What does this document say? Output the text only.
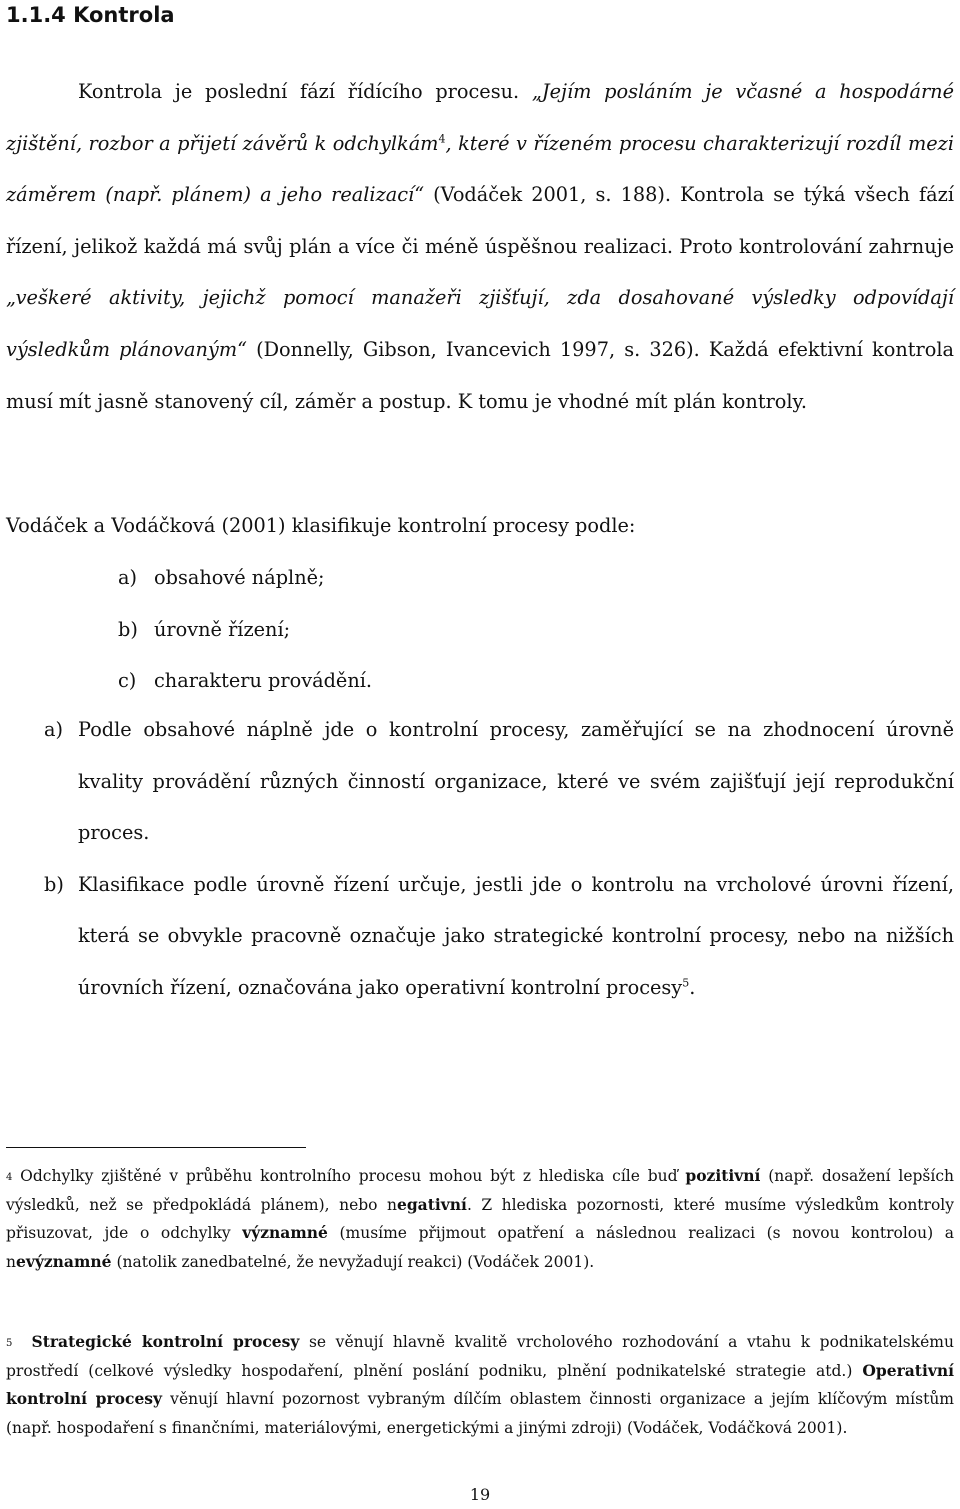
1.1.4 Kontrola

Kontrola je poslední fází řídícího procesu. „Jejím posláním je včasné a hospodárné zjištění, rozbor a přijetí závěrů k odchylkám$^4$, které v řízeném procesu charakterizují rozdíl mezi záměrem (např. plánem) a jeho realizací“ (Vodáček 2001, s. 188). Kontrola se týká všech fází řízení, jelikož každá má svůj plán a více či méně úspěšnou realizaci. Proto kontrolování zahrnuje „veškeré aktivity, jejichž pomocí manažeři zjišťují, zda dosahované výsledky odpovídají výsledkům plánovaným“ (Donnelly, Gibson, Ivancevich 1997, s. 326). Každá efektivní kontrola musí mít jasně stanovený cíl, záměr a postup. K tomu je vhodné mít plán kontroly.

Vodáček a Vodáčková (2001) klasifikuje kontrolní procesy podle:

a) obsahové náplně;
b) úrovně řízení;
c) charakteru provádění.
a) Podle obsahové náplně jde o kontrolní procesy, zaměřující se na zhodnocení úrovně kvality provádění různých činností organizace, které ve svém zajišťují její reprodukční proces.
b) Klasifikace podle úrovně řízení určuje, jestli jde o kontrolu na vrcholové úrovni řízení, která se obvykle pracovně označuje jako strategické kontrolní procesy, nebo na nižších úrovních řízení, označována jako operativní kontrolní procesy$^5$.

$^4$ Odchylky zjištěné v průběhu kontrolního procesu mohou být z hlediska cíle buď pozitivní (např. dosažení lepších výsledků, než se předpokládá plánem), nebo negativní. Z hlediska pozornosti, které musíme výsledkům kontroly přisuzovat, jde o odchylky významné (musíme přijmout opatření a následnou realizaci (s novou kontrolou) a nevýznamné (natolik zanedbatelné, že nevyžadují reakci) (Vodáček 2001).

$^5$ Strategické kontrolní procesy se věnují hlavně kvalitě vrcholového rozhodování a vtahu k podnikatelskému prostředí (celkové výsledky hospodaření, plnění poslání podniku, plnění podnikatelské strategie atd.) Operativní kontrolní procesy věnují hlavní pozornost vybraným dílčím oblastem činnosti organizace a jejím klíčovým místům (např. hospodaření s finančními, materiálovými, energetickými a jinými zdroji) (Vodáček, Vodáčková 2001).

19
